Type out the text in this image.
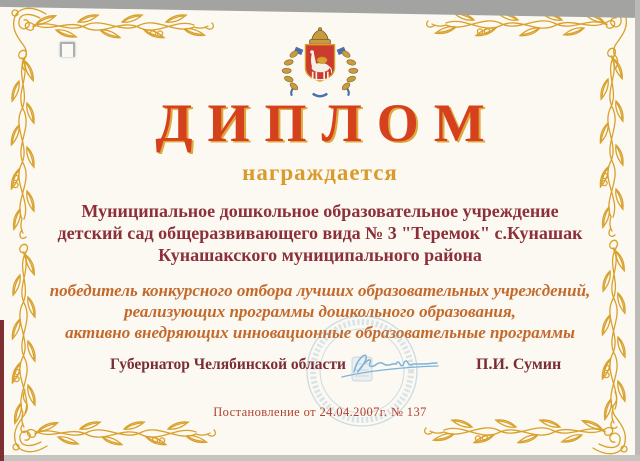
ДИПЛОМ
награждается
Муниципальное дошкольное образовательное учреждение
детский сад общеразвивающего вида № 3 "Теремок" с.Кунашак
Кунашакского муниципального района
победитель конкурсного отбора лучших образовательных учреждений,
реализующих программы дошкольного образования,
активно внедряющих инновационные образовательные программы
Губернатор Челябинской области	П.И. Сумин
Постановление от 24.04.2007г. № 137
